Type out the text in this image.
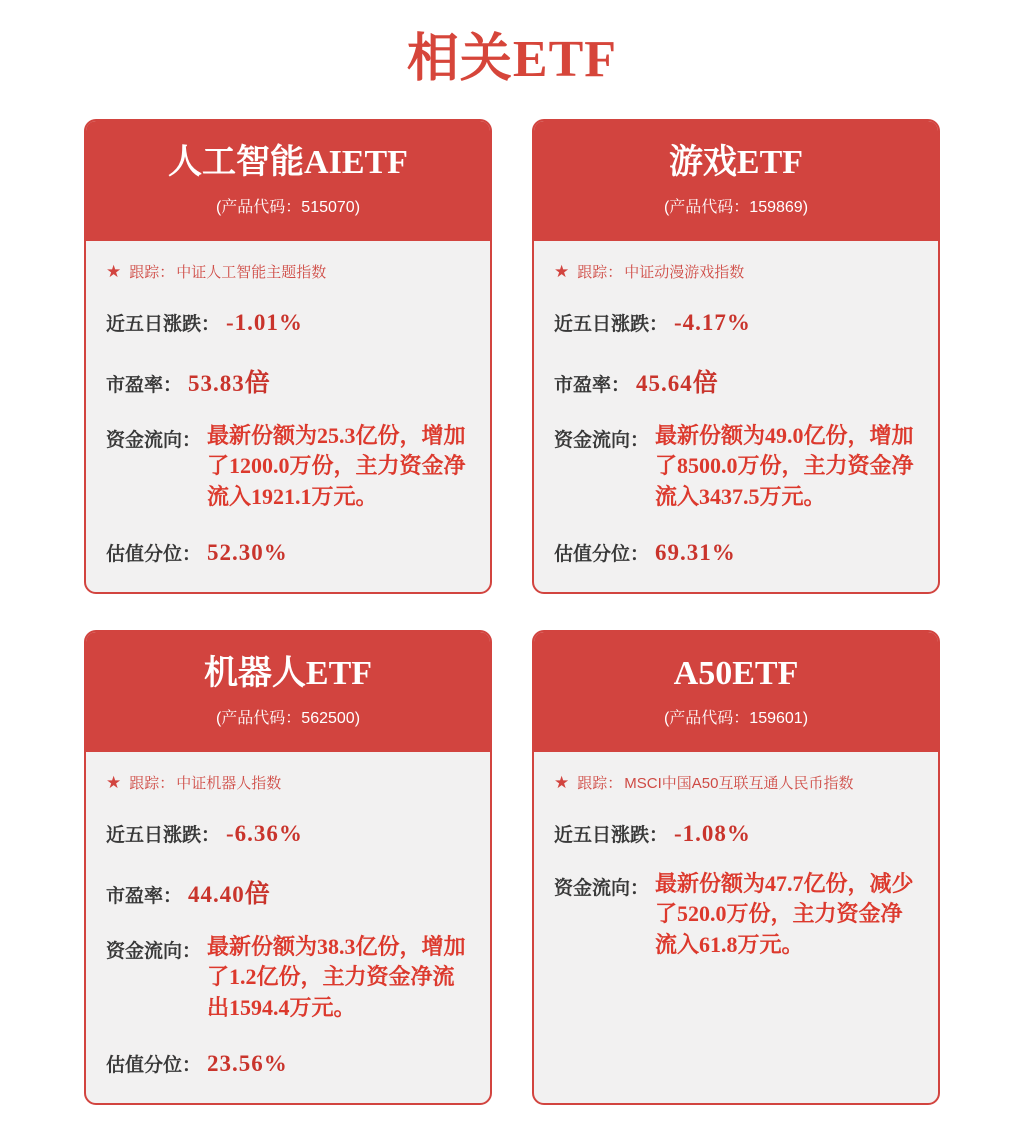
相关ETF
人工智能AIETF
(产品代码：515070)
★ 跟踪： 中证人工智能主题指数
近五日涨跌： -1.01%
市盈率： 53.83 倍
资金流向： 最新份额为25.3亿份，增加了1200.0万份，主力资金净流入1921.1万元。
估值分位： 52.30%
游戏ETF
(产品代码：159869)
★ 跟踪： 中证动漫游戏指数
近五日涨跌： -4.17%
市盈率： 45.64 倍
资金流向： 最新份额为49.0亿份，增加了8500.0万份，主力资金净流入3437.5万元。
估值分位： 69.31%
机器人ETF
(产品代码：562500)
★ 跟踪： 中证机器人指数
近五日涨跌： -6.36%
市盈率： 44.40 倍
资金流向： 最新份额为38.3亿份，增加了1.2亿份，主力资金净流出1594.4万元。
估值分位： 23.56%
A50ETF
(产品代码：159601)
★ 跟踪： MSCI中国A50互联互通人民币指数
近五日涨跌： -1.08%
资金流向： 最新份额为47.7亿份，减少了520.0万份，主力资金净流入61.8万元。
